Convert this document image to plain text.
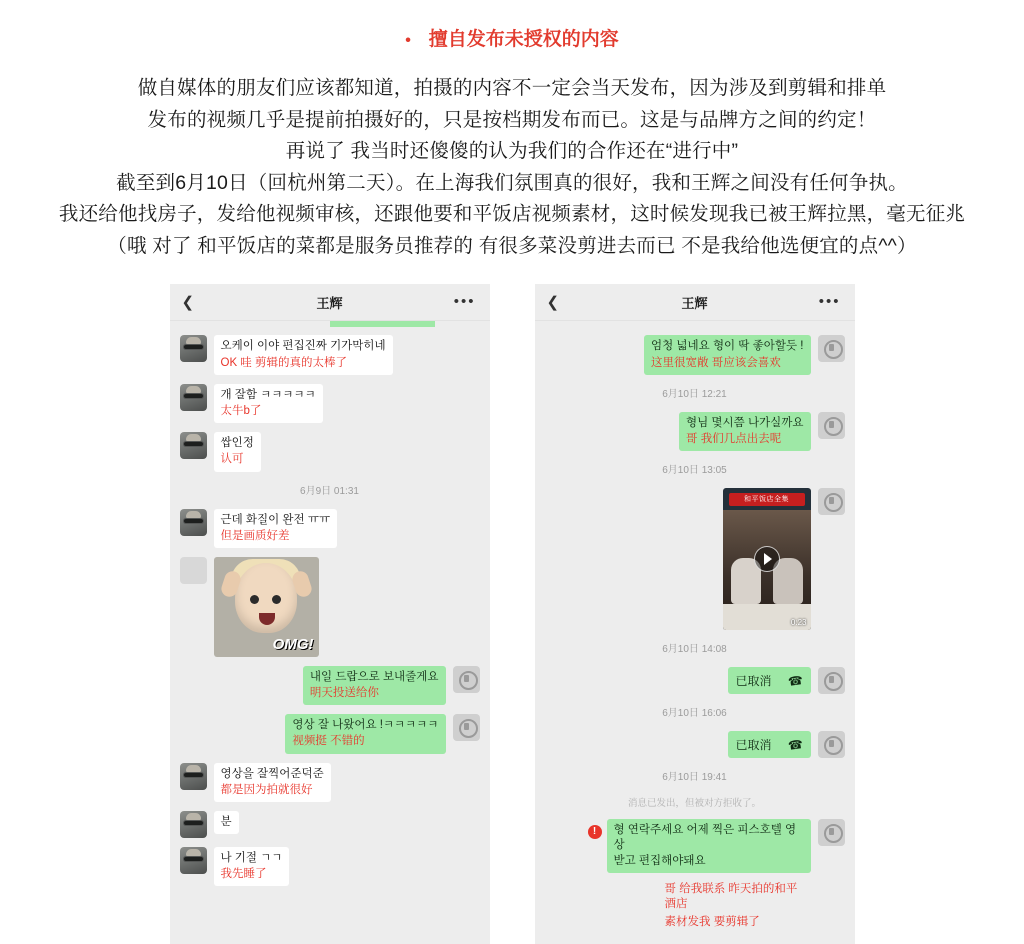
• 擅自发布未授权的内容
做自媒体的朋友们应该都知道，拍摄的内容不一定会当天发布，因为涉及到剪辑和排单
发布的视频几乎是提前拍摄好的，只是按档期发布而已。这是与品牌方之间的约定！
再说了 我当时还傻傻的认为我们的合作还在“进行中”
截至到6月10日（回杭州第二天）。在上海我们氛围真的很好，我和王辉之间没有任何争执。
我还给他找房子，发给他视频审核，还跟他要和平饭店视频素材，这时候发现我已被王辉拉黑，毫无征兆
（哦 对了 和平饭店的菜都是服务员推荐的 有很多菜没剪进去而已 不是我给他选便宜的点^^）
❮	王辉	•••
오케이 이야 편집진짜 기가막히네
OK 哇 剪辑的真的太棒了
개 잘함 ㅋㅋㅋㅋㅋ
太牛b了
쌉인정
认可
6月9日 01:31
근데 화질이 완전 ㅠㅠ
但是画质好差
OMG!
내일 드랍으로 보내줄게요
明天投送给你
영상 잘 나왔어요 !ㅋㅋㅋㅋㅋ
视频挺 不错的
영상을 잘찍어준덕준
都是因为拍就很好
분
나 기절 ㄱㄱ
我先睡了
❮	王辉	•••
엄청 넓네요 형이 딱 좋아할듯 !
这里很宽敞 哥应该会喜欢
6月10日 12:21
형님 몇시쯤 나가실까요
哥 我们几点出去呢
6月10日 13:05
和平饭店全集
0:23
6月10日 14:08
已取消 ☎
6月10日 16:06
已取消 ☎
6月10日 19:41
消息已发出，但被对方拒收了。
!	형 연락주세요 어제 찍은 피스호텔 영상
받고 편집해야돼요
哥 给我联系 昨天拍的和平酒店
素材发我 要剪辑了
